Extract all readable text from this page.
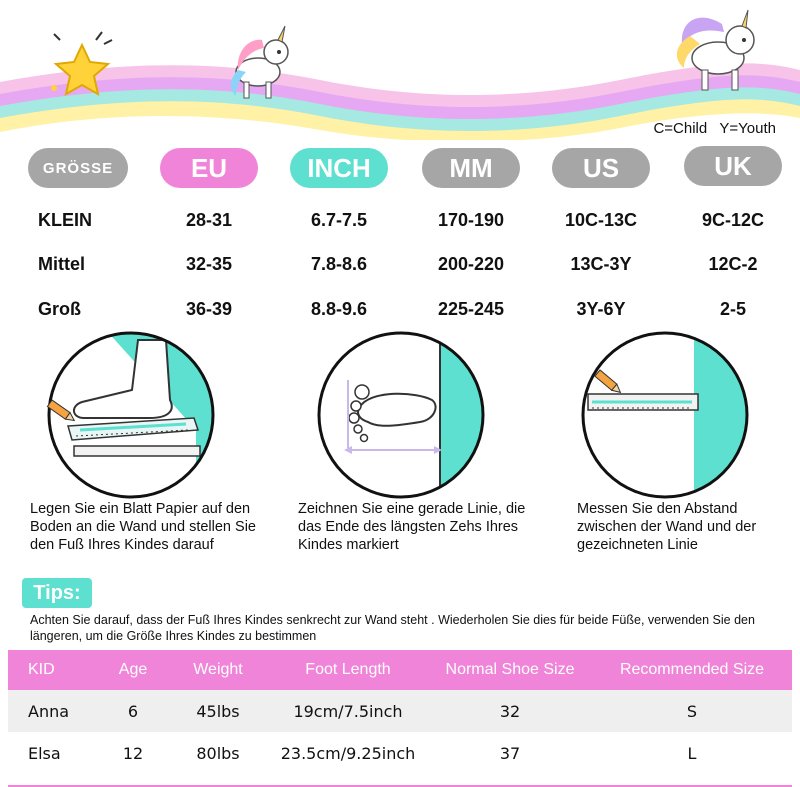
C=Child Y=Youth
GRÖSSE	EU	INCH	MM	US	UK
KLEIN	28-31	6.7-7.5	170-190	10C-13C	9C-12C
Mittel	32-35	7.8-8.6	200-220	13C-3Y	12C-2
Groß	36-39	8.8-9.6	225-245	3Y-6Y	2-5
Legen Sie ein Blatt Papier auf den Boden an die Wand und stellen Sie den Fuß Ihres Kindes darauf
Zeichnen Sie eine gerade Linie, die das Ende des längsten Zehs Ihres Kindes markiert
Messen Sie den Abstand zwischen der Wand und der gezeichneten Linie
Tips:
Achten Sie darauf, dass der Fuß Ihres Kindes senkrecht zur Wand steht . Wiederholen Sie dies für beide Füße, verwenden Sie den längeren, um die Größe Ihres Kindes zu bestimmen
KID	Age	Weight	Foot Length	Normal Shoe Size	Recommended Size
Anna	6	45lbs	19cm/7.5inch	32	S
Elsa	12	80lbs	23.5cm/9.25inch	37	L
